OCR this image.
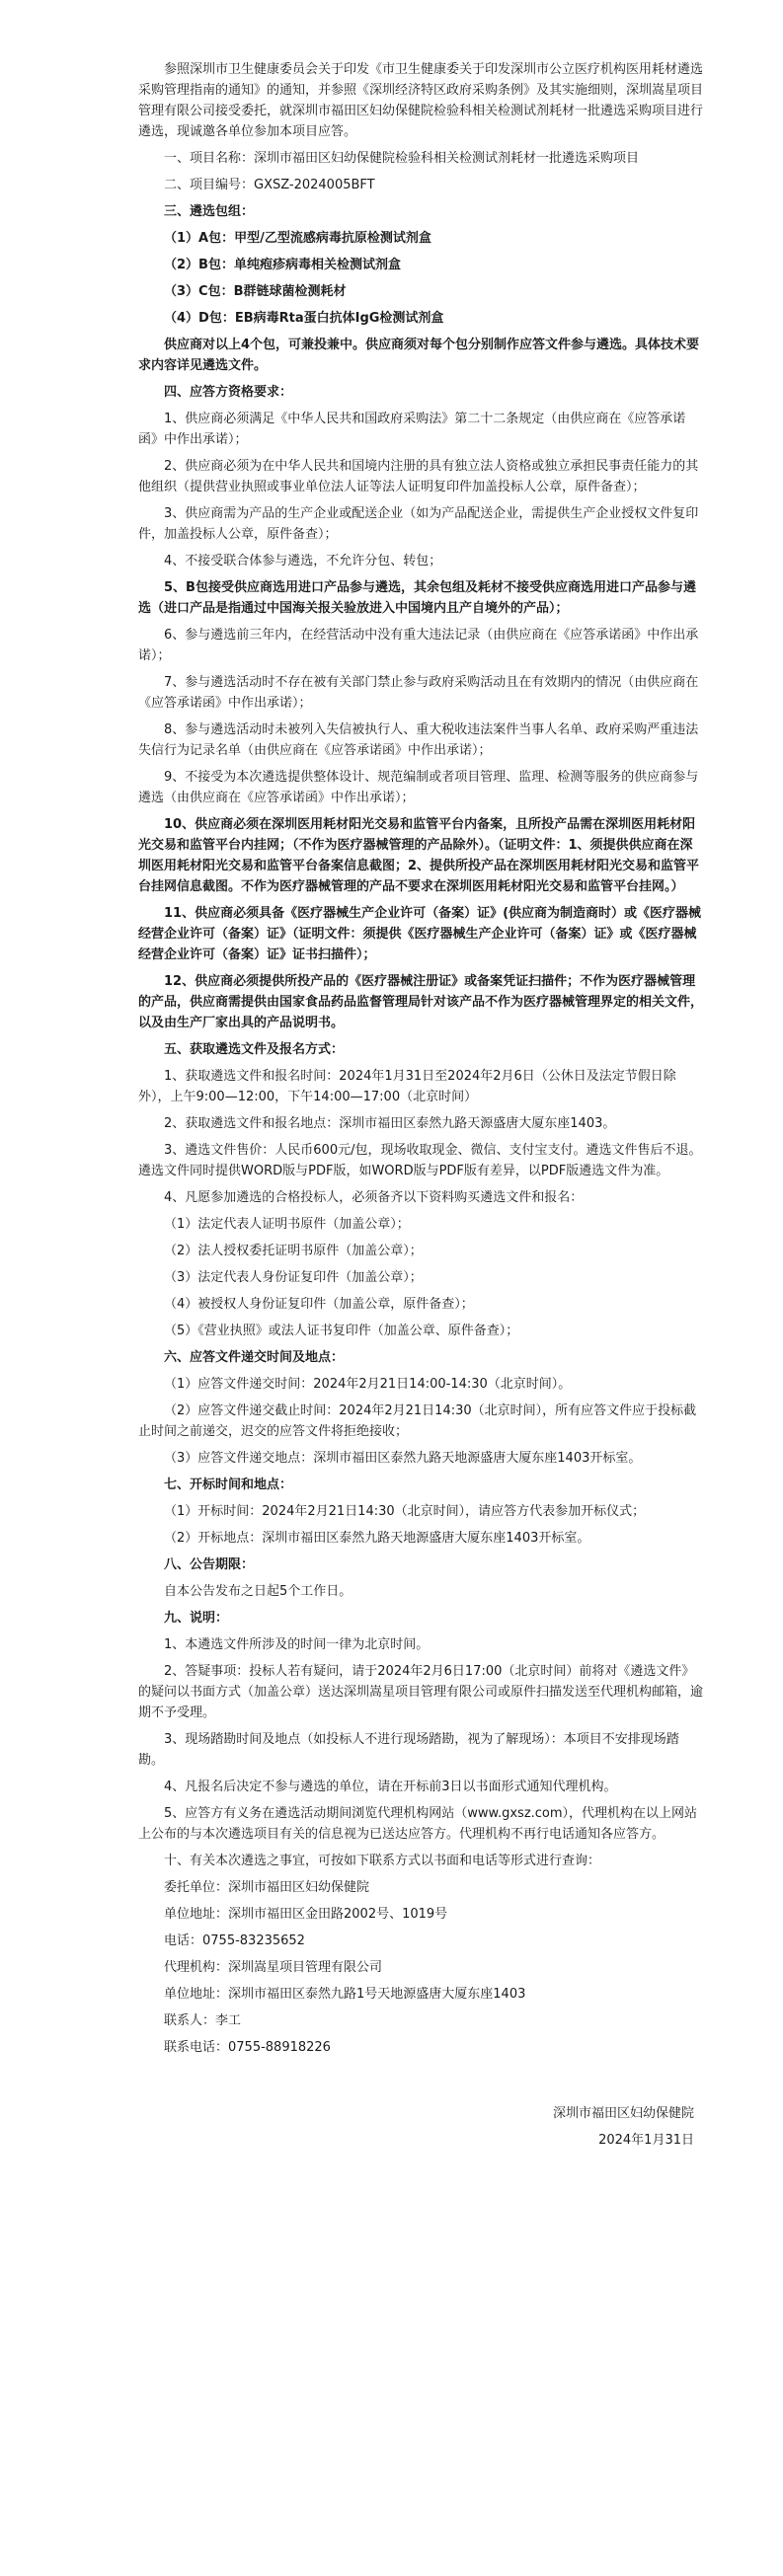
参照深圳市卫生健康委员会关于印发《市卫生健康委关于印发深圳市公立医疗机构医用耗材遴选采购管理指南的通知》的通知，并参照《深圳经济特区政府采购条例》及其实施细则，深圳嵩星项目管理有限公司接受委托，就深圳市福田区妇幼保健院检验科相关检测试剂耗材一批遴选采购项目进行遴选，现诚邀各单位参加本项目应答。
一、项目名称：深圳市福田区妇幼保健院检验科相关检测试剂耗材一批遴选采购项目
二、项目编号：GXSZ-2024005BFT
三、遴选包组：
（1）A包：甲型/乙型流感病毒抗原检测试剂盒
（2）B包：单纯疱疹病毒相关检测试剂盒
（3）C包：B群链球菌检测耗材
（4）D包：EB病毒Rta蛋白抗体IgG检测试剂盒
供应商对以上4个包，可兼投兼中。供应商须对每个包分别制作应答文件参与遴选。具体技术要求内容详见遴选文件。
四、应答方资格要求：
1、供应商必须满足《中华人民共和国政府采购法》第二十二条规定（由供应商在《应答承诺函》中作出承诺）；
2、供应商必须为在中华人民共和国境内注册的具有独立法人资格或独立承担民事责任能力的其他组织（提供营业执照或事业单位法人证等法人证明复印件加盖投标人公章，原件备查）；
3、供应商需为产品的生产企业或配送企业（如为产品配送企业，需提供生产企业授权文件复印件，加盖投标人公章，原件备查）；
4、不接受联合体参与遴选，不允许分包、转包；
5、B包接受供应商选用进口产品参与遴选，其余包组及耗材不接受供应商选用进口产品参与遴选（进口产品是指通过中国海关报关验放进入中国境内且产自境外的产品）；
6、参与遴选前三年内，在经营活动中没有重大违法记录（由供应商在《应答承诺函》中作出承诺）；
7、参与遴选活动时不存在被有关部门禁止参与政府采购活动且在有效期内的情况（由供应商在《应答承诺函》中作出承诺）；
8、参与遴选活动时未被列入失信被执行人、重大税收违法案件当事人名单、政府采购严重违法失信行为记录名单（由供应商在《应答承诺函》中作出承诺）；
9、不接受为本次遴选提供整体设计、规范编制或者项目管理、监理、检测等服务的供应商参与遴选（由供应商在《应答承诺函》中作出承诺）；
10、供应商必须在深圳医用耗材阳光交易和监管平台内备案，且所投产品需在深圳医用耗材阳光交易和监管平台内挂网；（不作为医疗器械管理的产品除外）。（证明文件：1、须提供供应商在深圳医用耗材阳光交易和监管平台备案信息截图；2、提供所投产品在深圳医用耗材阳光交易和监管平台挂网信息截图。不作为医疗器械管理的产品不要求在深圳医用耗材阳光交易和监管平台挂网。）
11、供应商必须具备《医疗器械生产企业许可（备案）证》(供应商为制造商时）或《医疗器械经营企业许可（备案）证》（证明文件：须提供《医疗器械生产企业许可（备案）证》或《医疗器械经营企业许可（备案）证》证书扫描件）；
12、供应商必须提供所投产品的《医疗器械注册证》或备案凭证扫描件；不作为医疗器械管理的产品，供应商需提供由国家食品药品监督管理局针对该产品不作为医疗器械管理界定的相关文件，以及由生产厂家出具的产品说明书。
五、获取遴选文件及报名方式：
1、获取遴选文件和报名时间：2024年1月31日至2024年2月6日（公休日及法定节假日除外），上午9:00—12:00，下午14:00—17:00（北京时间）
2、获取遴选文件和报名地点：深圳市福田区泰然九路天源盛唐大厦东座1403。
3、遴选文件售价：人民币600元/包，现场收取现金、微信、支付宝支付。遴选文件售后不退。遴选文件同时提供WORD版与PDF版，如WORD版与PDF版有差异，以PDF版遴选文件为准。
4、凡愿参加遴选的合格投标人，必须备齐以下资料购买遴选文件和报名：
（1）法定代表人证明书原件（加盖公章）；
（2）法人授权委托证明书原件（加盖公章）；
（3）法定代表人身份证复印件（加盖公章）；
（4）被授权人身份证复印件（加盖公章，原件备查）；
（5）《营业执照》或法人证书复印件（加盖公章、原件备查）；
六、应答文件递交时间及地点：
（1）应答文件递交时间：2024年2月21日14:00-14:30（北京时间）。
（2）应答文件递交截止时间：2024年2月21日14:30（北京时间），所有应答文件应于投标截止时间之前递交，迟交的应答文件将拒绝接收；
（3）应答文件递交地点：深圳市福田区泰然九路天地源盛唐大厦东座1403开标室。
七、开标时间和地点：
（1）开标时间：2024年2月21日14:30（北京时间），请应答方代表参加开标仪式；
（2）开标地点：深圳市福田区泰然九路天地源盛唐大厦东座1403开标室。
八、公告期限：
自本公告发布之日起5个工作日。
九、说明：
1、本遴选文件所涉及的时间一律为北京时间。
2、答疑事项：投标人若有疑问，请于2024年2月6日17:00（北京时间）前将对《遴选文件》的疑问以书面方式（加盖公章）送达深圳嵩星项目管理有限公司或原件扫描发送至代理机构邮箱，逾期不予受理。
3、现场踏勘时间及地点（如投标人不进行现场踏勘，视为了解现场）：本项目不安排现场踏勘。
4、凡报名后决定不参与遴选的单位，请在开标前3日以书面形式通知代理机构。
5、应答方有义务在遴选活动期间浏览代理机构网站（www.gxsz.com），代理机构在以上网站上公布的与本次遴选项目有关的信息视为已送达应答方。代理机构不再行电话通知各应答方。
十、有关本次遴选之事宜，可按如下联系方式以书面和电话等形式进行查询：
委托单位：深圳市福田区妇幼保健院
单位地址：深圳市福田区金田路2002号、1019号
电话：0755-83235652
代理机构：深圳嵩星项目管理有限公司
单位地址：深圳市福田区泰然九路1号天地源盛唐大厦东座1403
联系人：李工
联系电话：0755-88918226
深圳市福田区妇幼保健院
2024年1月31日
